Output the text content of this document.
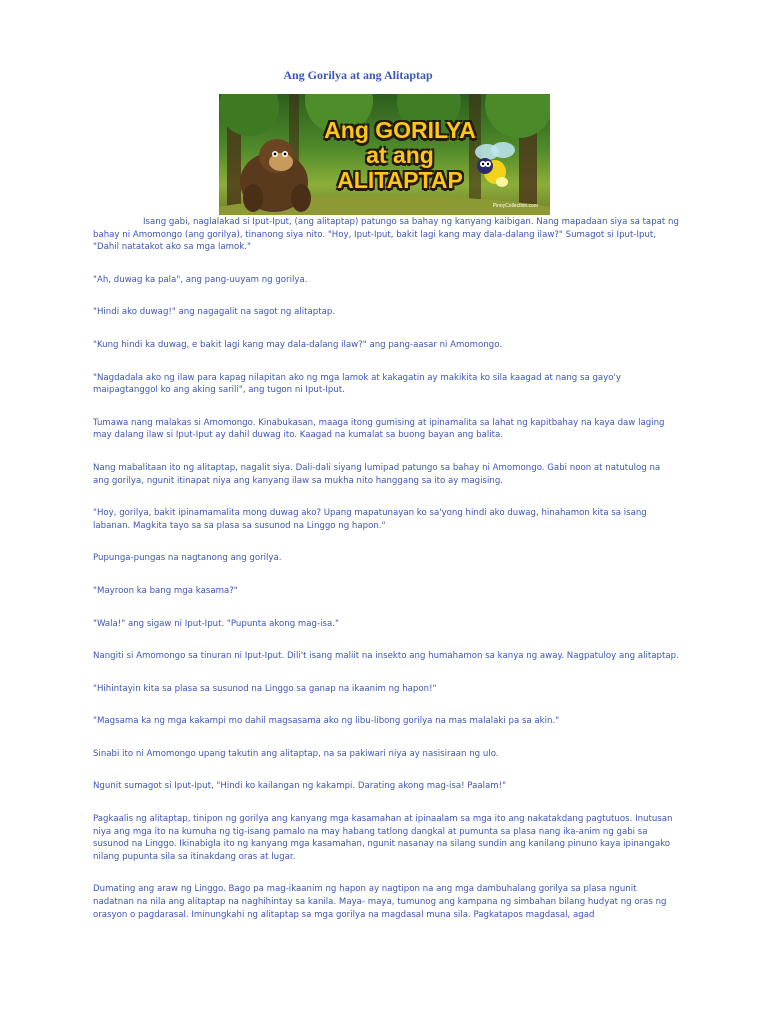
Ang Gorilya at ang Alitaptap
Ang GORILYA
at ang
ALITAPTAP
PinoyCollection.com

Isang gabi, naglalakad si Iput-Iput, (ang alitaptap) patungo sa bahay ng kanyang kaibigan. Nang mapadaan siya sa tapat ng bahay ni Amomongo (ang gorilya), tinanong siya nito. "Hoy, Iput-Iput, bakit lagi kang may dala-dalang ilaw?" Sumagot si Iput-Iput, "Dahil natatakot ako sa mga lamok."

"Ah, duwag ka pala", ang pang-uuyam ng gorilya.

"Hindi ako duwag!" ang nagagalit na sagot ng alitaptap.

"Kung hindi ka duwag, e bakit lagi kang may dala-dalang ilaw?" ang pang-aasar ni Amomongo.

"Nagdadala ako ng ilaw para kapag nilapitan ako ng mga lamok at kakagatin ay makikita ko sila kaagad at nang sa gayo'y maipagtanggol ko ang aking sarili", ang tugon ni Iput-Iput.

Tumawa nang malakas si Amomongo. Kinabukasan, maaga itong gumising at ipinamalita sa lahat ng kapitbahay na kaya daw laging may dalang ilaw si Iput-Iput ay dahil duwag ito. Kaagad na kumalat sa buong bayan ang balita.

Nang mabalitaan ito ng alitaptap, nagalit siya. Dali-dali siyang lumipad patungo sa bahay ni Amomongo. Gabi noon at natutulog na ang gorilya, ngunit itinapat niya ang kanyang ilaw sa mukha nito hanggang sa ito ay magising.

"Hoy, gorilya, bakit ipinamamalita mong duwag ako? Upang mapatunayan ko sa'yong hindi ako duwag, hinahamon kita sa isang labanan. Magkita tayo sa sa plasa sa susunod na Linggo ng hapon."

Pupunga-pungas na nagtanong ang gorilya.

"Mayroon ka bang mga kasama?"

"Wala!" ang sigaw ni Iput-Iput. "Pupunta akong mag-isa."

Nangiti si Amomongo sa tinuran ni Iput-Iput. Dili't isang maliit na insekto ang humahamon sa kanya ng away. Nagpatuloy ang alitaptap.

"Hihintayin kita sa plasa sa susunod na Linggo sa ganap na ikaanim ng hapon!"

"Magsama ka ng mga kakampi mo dahil magsasama ako ng libu-libong gorilya na mas malalaki pa sa akin."

Sinabi ito ni Amomongo upang takutin ang alitaptap, na sa pakiwari niya ay nasisiraan ng ulo.

Ngunit sumagot si Iput-Iput, "Hindi ko kailangan ng kakampi. Darating akong mag-isa! Paalam!"

Pagkaalis ng alitaptap, tinipon ng gorilya ang kanyang mga kasamahan at ipinaalam sa mga ito ang nakatakdang pagtutuos. Inutusan niya ang mga ito na kumuha ng tig-isang pamalo na may habang tatlong dangkal at pumunta sa plasa nang ika-anim ng gabi sa susunod na Linggo. Ikinabigla ito ng kanyang mga kasamahan, ngunit nasanay na silang sundin ang kanilang pinuno kaya ipinangako nilang pupunta sila sa itinakdang oras at lugar.

Dumating ang araw ng Linggo. Bago pa mag-ikaanim ng hapon ay nagtipon na ang mga dambuhalang gorilya sa plasa ngunit nadatnan na nila ang alitaptap na naghihintay sa kanila. Maya- maya, tumunog ang kampana ng simbahan bilang hudyat ng oras ng orasyon o pagdarasal. Iminungkahi ng alitaptap sa mga gorilya na magdasal muna sila. Pagkatapos magdasal, agad
